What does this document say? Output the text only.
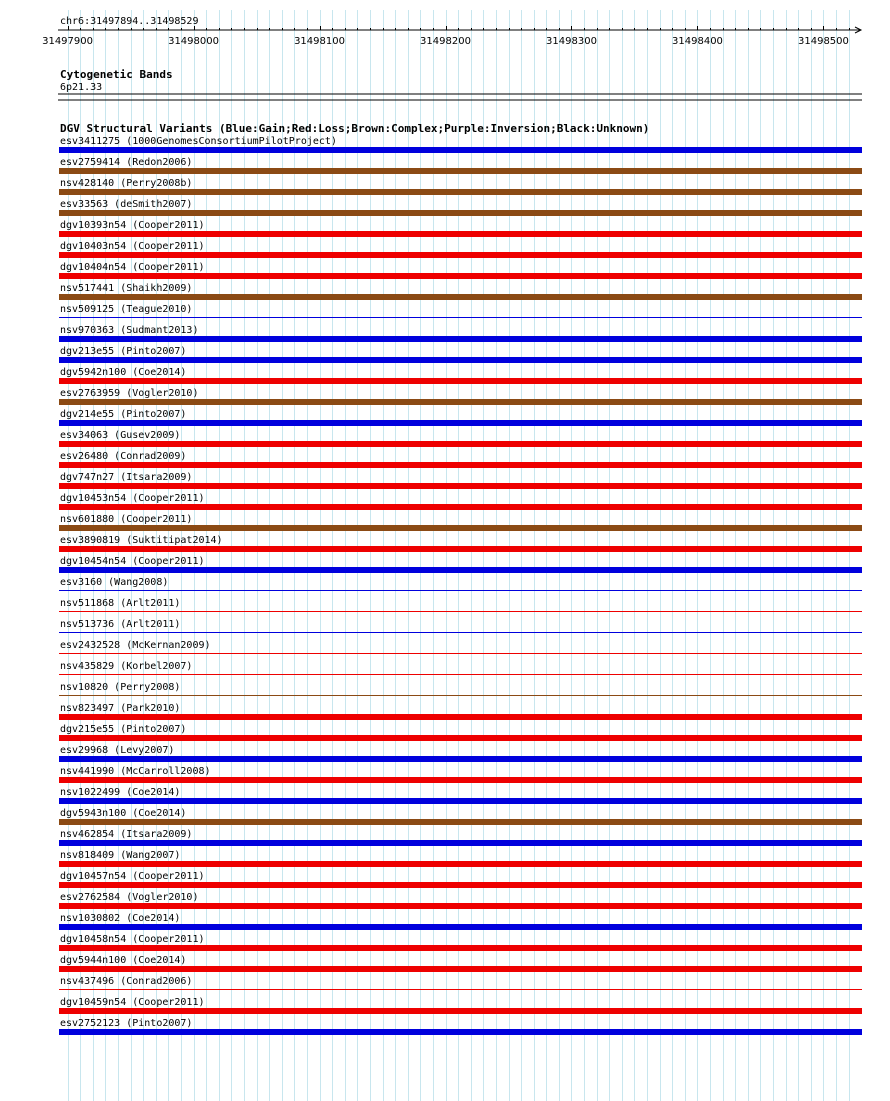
chr6:31497894..31498529
31497900	31498000	31498100	31498200	31498300	31498400	31498500
Cytogenetic Bands
6p21.33
DGV Structural Variants (Blue:Gain;Red:Loss;Brown:Complex;Purple:Inversion;Black:Unknown)
esv3411275 (1000GenomesConsortiumPilotProject)
esv2759414 (Redon2006)
nsv428140 (Perry2008b)
esv33563 (deSmith2007)
dgv10393n54 (Cooper2011)
dgv10403n54 (Cooper2011)
dgv10404n54 (Cooper2011)
nsv517441 (Shaikh2009)
nsv509125 (Teague2010)
nsv970363 (Sudmant2013)
dgv213e55 (Pinto2007)
dgv5942n100 (Coe2014)
esv2763959 (Vogler2010)
dgv214e55 (Pinto2007)
esv34063 (Gusev2009)
esv26480 (Conrad2009)
dgv747n27 (Itsara2009)
dgv10453n54 (Cooper2011)
nsv601880 (Cooper2011)
esv3890819 (Suktitipat2014)
dgv10454n54 (Cooper2011)
esv3160 (Wang2008)
nsv511868 (Arlt2011)
nsv513736 (Arlt2011)
esv2432528 (McKernan2009)
nsv435829 (Korbel2007)
nsv10820 (Perry2008)
nsv823497 (Park2010)
dgv215e55 (Pinto2007)
esv29968 (Levy2007)
nsv441990 (McCarroll2008)
nsv1022499 (Coe2014)
dgv5943n100 (Coe2014)
nsv462854 (Itsara2009)
nsv818409 (Wang2007)
dgv10457n54 (Cooper2011)
esv2762584 (Vogler2010)
nsv1030802 (Coe2014)
dgv10458n54 (Cooper2011)
dgv5944n100 (Coe2014)
nsv437496 (Conrad2006)
dgv10459n54 (Cooper2011)
esv2752123 (Pinto2007)
